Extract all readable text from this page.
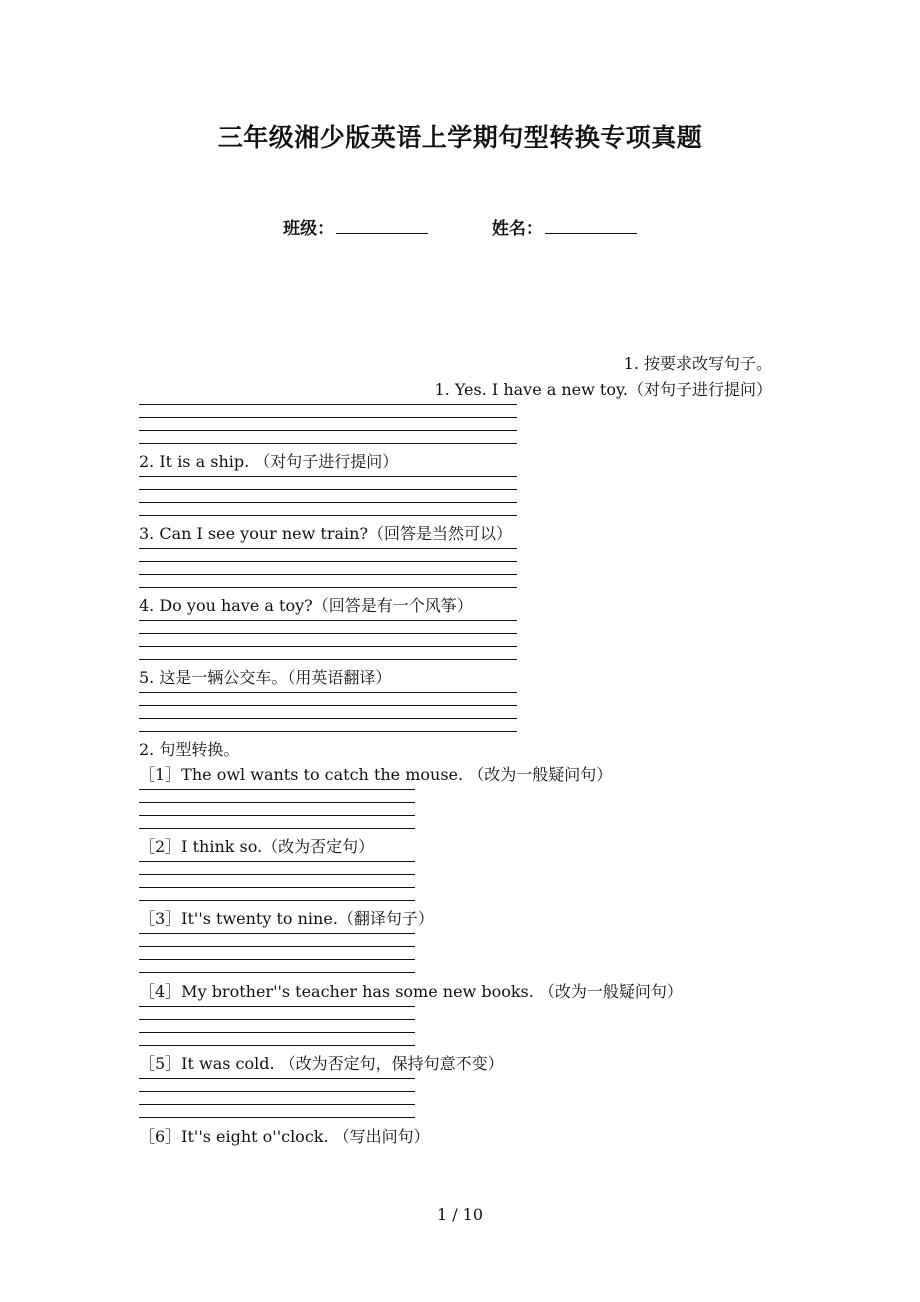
三年级湘少版英语上学期句型转换专项真题
班级：	姓名：
1. 按要求改写句子。
1. Yes. I have a new toy.（对句子进行提问）
2. It is a ship. （对句子进行提问）
3. Can I see your new train?（回答是当然可以）
4. Do you have a toy?（回答是有一个风筝）
5. 这是一辆公交车。（用英语翻译）
2. 句型转换。
［1］The owl wants to catch the mouse. （改为一般疑问句）
［2］I think so.（改为否定句）
［3］It''s twenty to nine.（翻译句子）
［4］My brother''s teacher has some new books. （改为一般疑问句）
［5］It was cold. （改为否定句，保持句意不变）
［6］It''s eight o''clock. （写出问句）
1 / 10
